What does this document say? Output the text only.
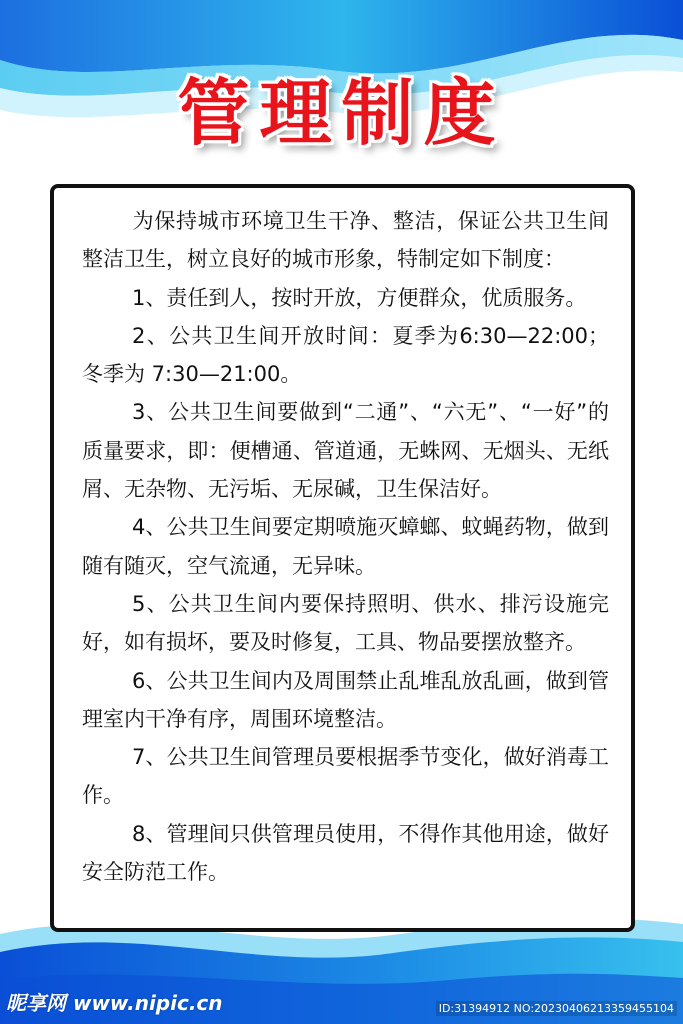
管理制度

为保持城市环境卫生干净、整洁，保证公共卫生间整洁卫生，树立良好的城市形象，特制定如下制度：

1、责任到人，按时开放，方便群众，优质服务。

2、公共卫生间开放时间：夏季为6:30—22:00；冬季为 7:30—21:00。

3、公共卫生间要做到“二通”、“六无”、“一好”的质量要求，即：便槽通、管道通，无蛛网、无烟头、无纸屑、无杂物、无污垢、无尿碱，卫生保洁好。

4、公共卫生间要定期喷施灭蟑螂、蚊蝇药物，做到随有随灭，空气流通，无异味。

5、公共卫生间内要保持照明、供水、排污设施完好，如有损坏，要及时修复，工具、物品要摆放整齐。

6、公共卫生间内及周围禁止乱堆乱放乱画，做到管理室内干净有序，周围环境整洁。

7、公共卫生间管理员要根据季节变化，做好消毒工作。

8、管理间只供管理员使用，不得作其他用途，做好安全防范工作。

昵享网 www.nipic.cn	ID:31394912 NO:20230406213359455104
